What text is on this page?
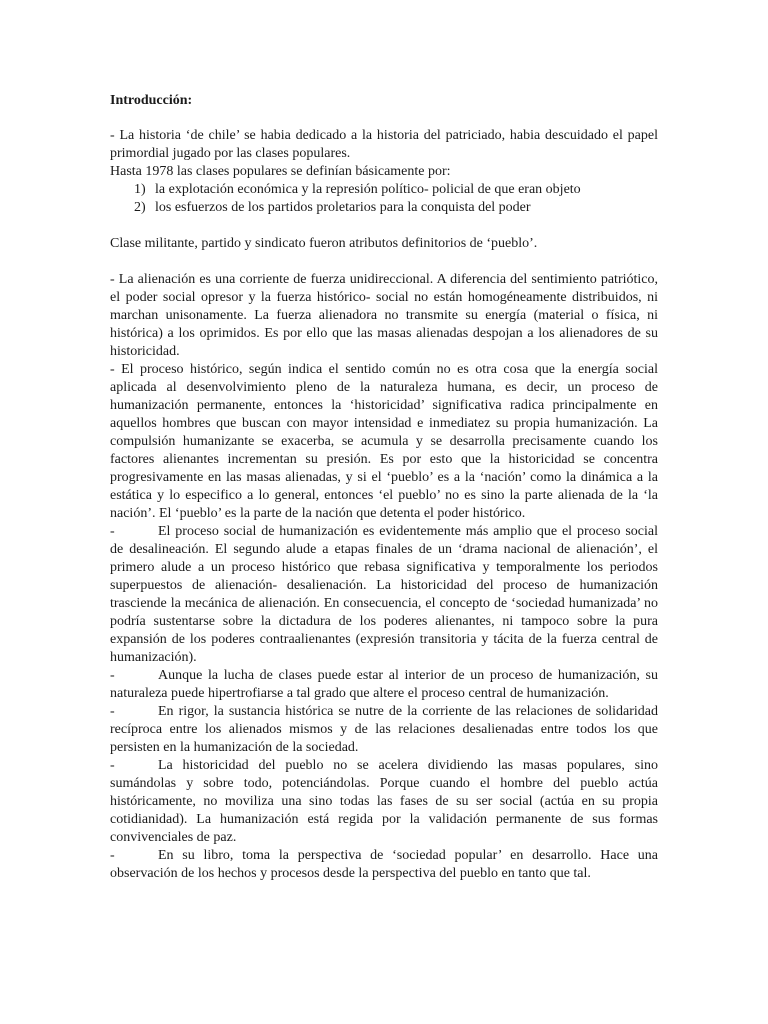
Introducción:

- La historia ‘de chile’ se habia dedicado a la historia del patriciado, habia descuidado el papel primordial jugado por las clases populares.

Hasta 1978 las clases populares se definían básicamente por:

1) la explotación económica y la represión político- policial de que eran objeto
2) los esfuerzos de los partidos proletarios para la conquista del poder

Clase militante, partido y sindicato fueron atributos definitorios de ‘pueblo’.

- La alienación es una corriente de fuerza unidireccional. A diferencia del sentimiento patriótico, el poder social opresor y la fuerza histórico- social no están homogéneamente distribuidos, ni marchan unisonamente. La fuerza alienadora no transmite su energía (material o física, ni histórica) a los oprimidos. Es por ello que las masas alienadas despojan a los alienadores de su historicidad.

- El proceso histórico, según indica el sentido común no es otra cosa que la energía social aplicada al desenvolvimiento pleno de la naturaleza humana, es decir, un proceso de humanización permanente, entonces la ‘historicidad’ significativa radica principalmente en aquellos hombres que buscan con mayor intensidad e inmediatez su propia humanización. La compulsión humanizante se exacerba, se acumula y se desarrolla precisamente cuando los factores alienantes incrementan su presión. Es por esto que la historicidad se concentra progresivamente en las masas alienadas, y si el ‘pueblo’ es a la ‘nación’ como la dinámica a la estática y lo especifico a lo general, entonces ‘el pueblo’ no es sino la parte alienada de la ‘la nación’. El ‘pueblo’ es la parte de la nación que detenta el poder histórico.

-	El proceso social de humanización es evidentemente más amplio que el proceso social de desalineación. El segundo alude a etapas finales de un ‘drama nacional de alienación’, el primero alude a un proceso histórico que rebasa significativa y temporalmente los periodos superpuestos de alienación- desalienación. La historicidad del proceso de humanización trasciende la mecánica de alienación. En consecuencia, el concepto de ‘sociedad humanizada’ no podría sustentarse sobre la dictadura de los poderes alienantes, ni tampoco sobre la pura expansión de los poderes contraalienantes (expresión transitoria y tácita de la fuerza central de humanización).

-	Aunque la lucha de clases puede estar al interior de un proceso de humanización, su naturaleza puede hipertrofiarse a tal grado que altere el proceso central de humanización.

-	En rigor, la sustancia histórica se nutre de la corriente de las relaciones de solidaridad recíproca entre los alienados mismos y de las relaciones desalienadas entre todos los que persisten en la humanización de la sociedad.

-	La historicidad del pueblo no se acelera dividiendo las masas populares, sino sumándolas y sobre todo, potenciándolas. Porque cuando el hombre del pueblo actúa históricamente, no moviliza una sino todas las fases de su ser social (actúa en su propia cotidianidad). La humanización está regida por la validación permanente de sus formas convivenciales de paz.

-	En su libro, toma la perspectiva de ‘sociedad popular’ en desarrollo. Hace una observación de los hechos y procesos desde la perspectiva del pueblo en tanto que tal.
